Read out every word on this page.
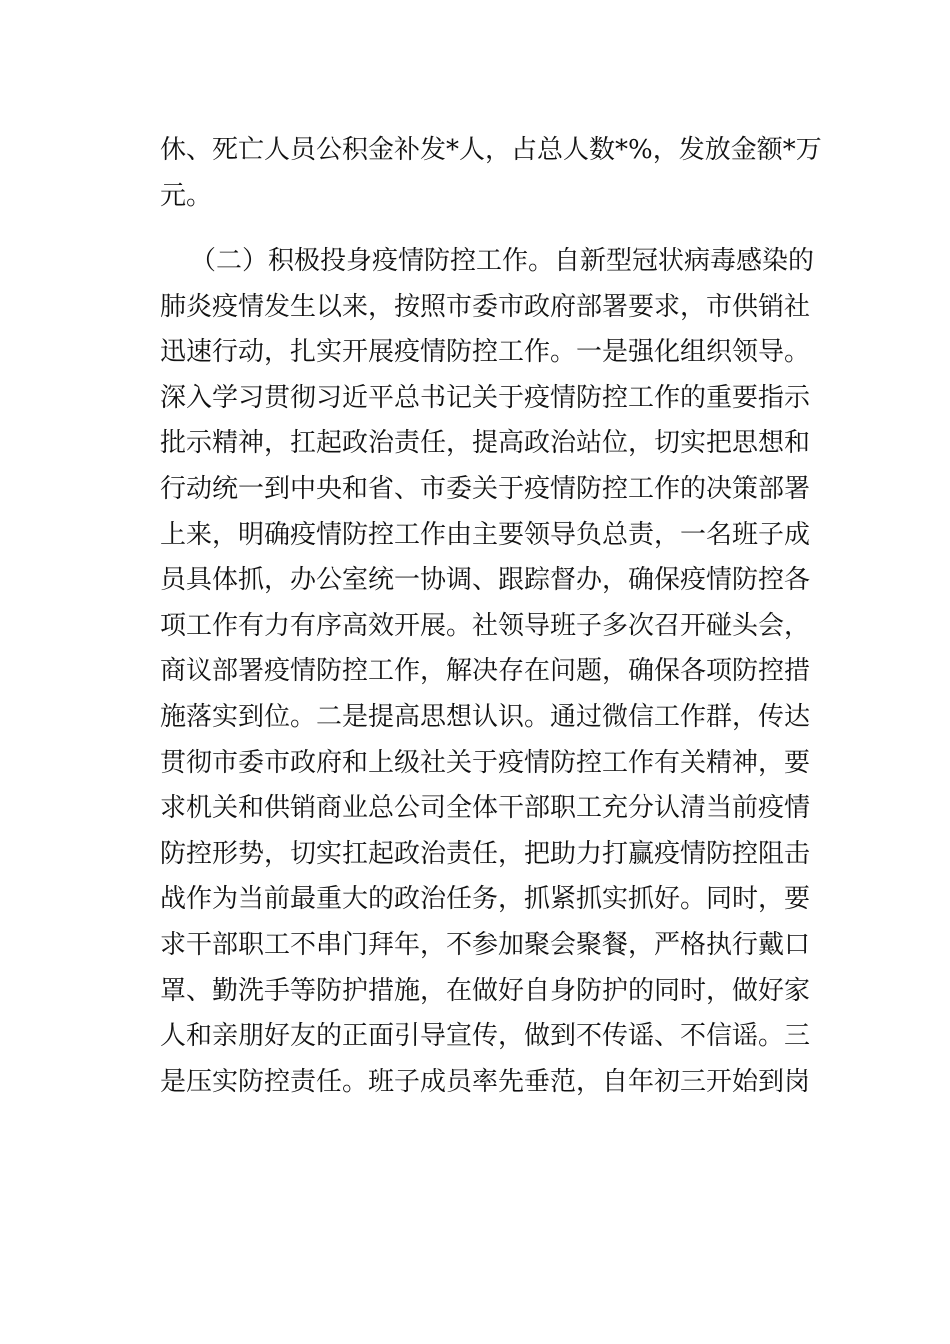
休、死亡人员公积金补发*人，占总人数*%，发放金额*万
元。
（二）积极投身疫情防控工作。自新型冠状病毒感染的
肺炎疫情发生以来，按照市委市政府部署要求，市供销社
迅速行动，扎实开展疫情防控工作。一是强化组织领导。
深入学习贯彻习近平总书记关于疫情防控工作的重要指示
批示精神，扛起政治责任，提高政治站位，切实把思想和
行动统一到中央和省、市委关于疫情防控工作的决策部署
上来，明确疫情防控工作由主要领导负总责，一名班子成
员具体抓，办公室统一协调、跟踪督办，确保疫情防控各
项工作有力有序高效开展。社领导班子多次召开碰头会，
商议部署疫情防控工作，解决存在问题，确保各项防控措
施落实到位。二是提高思想认识。通过微信工作群，传达
贯彻市委市政府和上级社关于疫情防控工作有关精神，要
求机关和供销商业总公司全体干部职工充分认清当前疫情
防控形势，切实扛起政治责任，把助力打赢疫情防控阻击
战作为当前最重大的政治任务，抓紧抓实抓好。同时，要
求干部职工不串门拜年，不参加聚会聚餐，严格执行戴口
罩、勤洗手等防护措施，在做好自身防护的同时，做好家
人和亲朋好友的正面引导宣传，做到不传谣、不信谣。三
是压实防控责任。班子成员率先垂范，自年初三开始到岗
